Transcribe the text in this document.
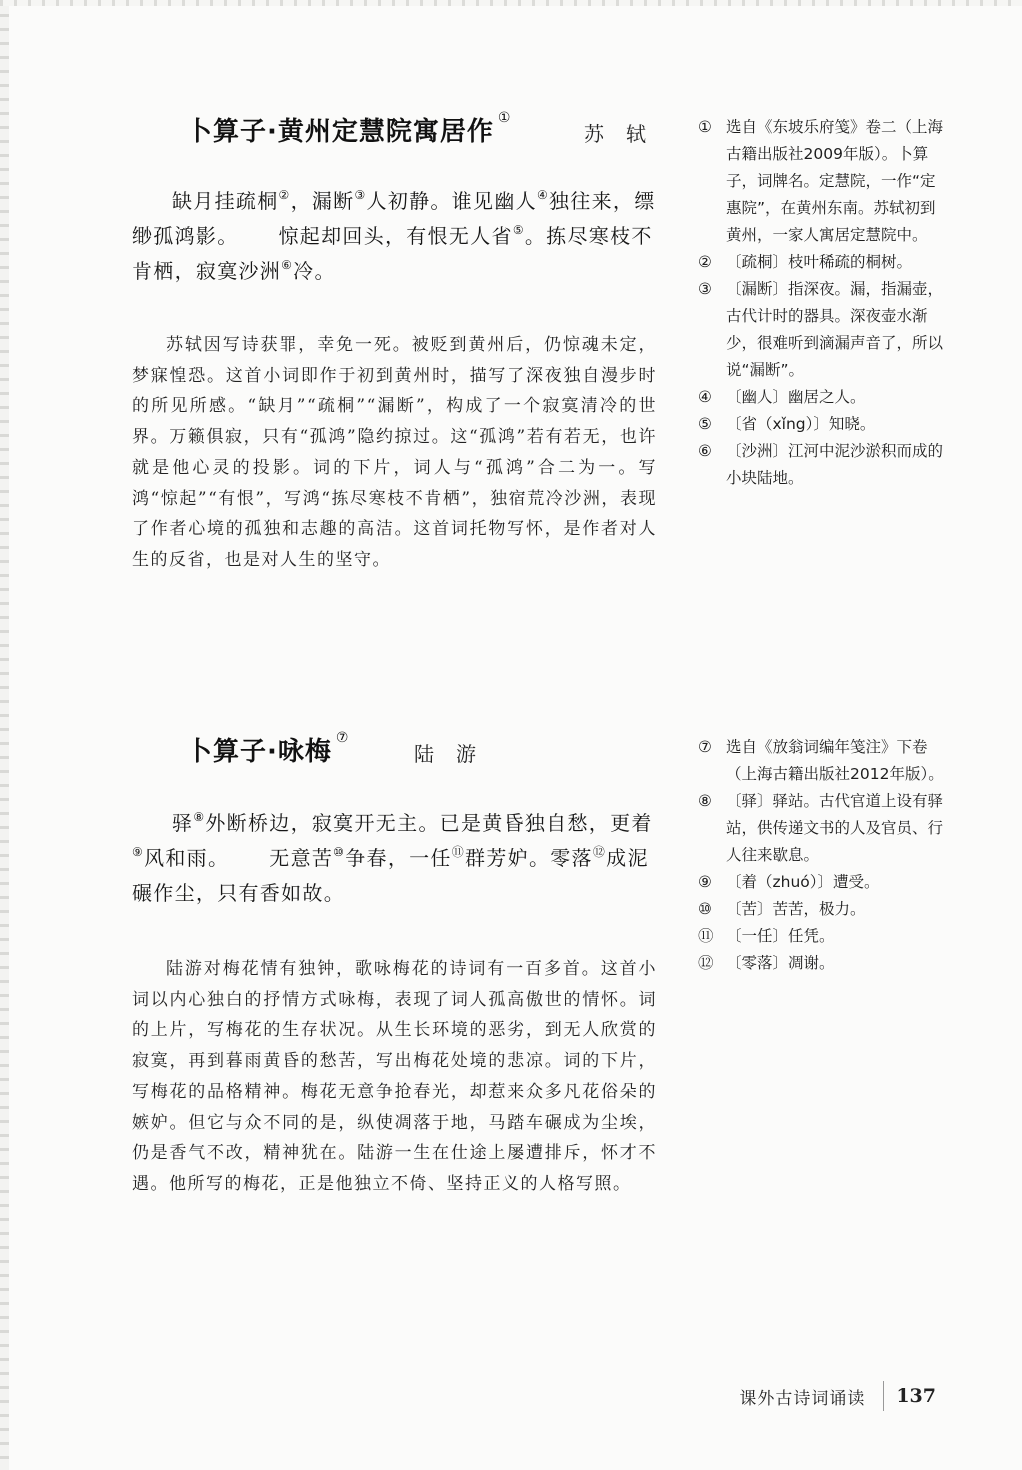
卜算子·黄州定慧院寓居作 ①
苏轼

缺月挂疏桐②，漏断③人初静。谁见幽人④独往来，缥缈孤鸿影。 惊起却回头，有恨无人省⑤。拣尽寒枝不肯栖，寂寞沙洲⑥冷。

苏轼因写诗获罪，幸免一死。被贬到黄州后，仍惊魂未定，梦寐惶恐。这首小词即作于初到黄州时，描写了深夜独自漫步时的所见所感。“缺月”“疏桐”“漏断”，构成了一个寂寞清冷的世界。万籁俱寂，只有“孤鸿”隐约掠过。这“孤鸿”若有若无，也许就是他心灵的投影。词的下片，词人与“孤鸿”合二为一。写鸿“惊起”“有恨”，写鸿“拣尽寒枝不肯栖”，独宿荒冷沙洲，表现了作者心境的孤独和志趣的高洁。这首词托物写怀，是作者对人生的反省，也是对人生的坚守。

① 选自《东坡乐府笺》卷二（上海古籍出版社2009年版）。卜算子，词牌名。定慧院，一作“定惠院”，在黄州东南。苏轼初到黄州，一家人寓居定慧院中。
② 〔疏桐〕枝叶稀疏的桐树。
③ 〔漏断〕指深夜。漏，指漏壶，古代计时的器具。深夜壶水渐少，很难听到滴漏声音了，所以说“漏断”。
④ 〔幽人〕幽居之人。
⑤ 〔省（xǐng）〕知晓。
⑥ 〔沙洲〕江河中泥沙淤积而成的小块陆地。
卜算子·咏梅 ⑦
陆游

驿⑧外断桥边，寂寞开无主。已是黄昏独自愁，更着⑨风和雨。 无意苦⑩争春，一任⑪群芳妒。零落⑫成泥碾作尘，只有香如故。

陆游对梅花情有独钟，歌咏梅花的诗词有一百多首。这首小词以内心独白的抒情方式咏梅，表现了词人孤高傲世的情怀。词的上片，写梅花的生存状况。从生长环境的恶劣，到无人欣赏的寂寞，再到暮雨黄昏的愁苦，写出梅花处境的悲凉。词的下片，写梅花的品格精神。梅花无意争抢春光，却惹来众多凡花俗朵的嫉妒。但它与众不同的是，纵使凋落于地，马踏车碾成为尘埃，仍是香气不改，精神犹在。陆游一生在仕途上屡遭排斥，怀才不遇。他所写的梅花，正是他独立不倚、坚持正义的人格写照。

⑦ 选自《放翁词编年笺注》下卷（上海古籍出版社2012年版）。
⑧ 〔驿〕驿站。古代官道上设有驿站，供传递文书的人及官员、行人往来歇息。
⑨ 〔着（zhuó）〕遭受。
⑩ 〔苦〕苦苦，极力。
⑪ 〔一任〕任凭。
⑫ 〔零落〕凋谢。
课外古诗词诵读 137
